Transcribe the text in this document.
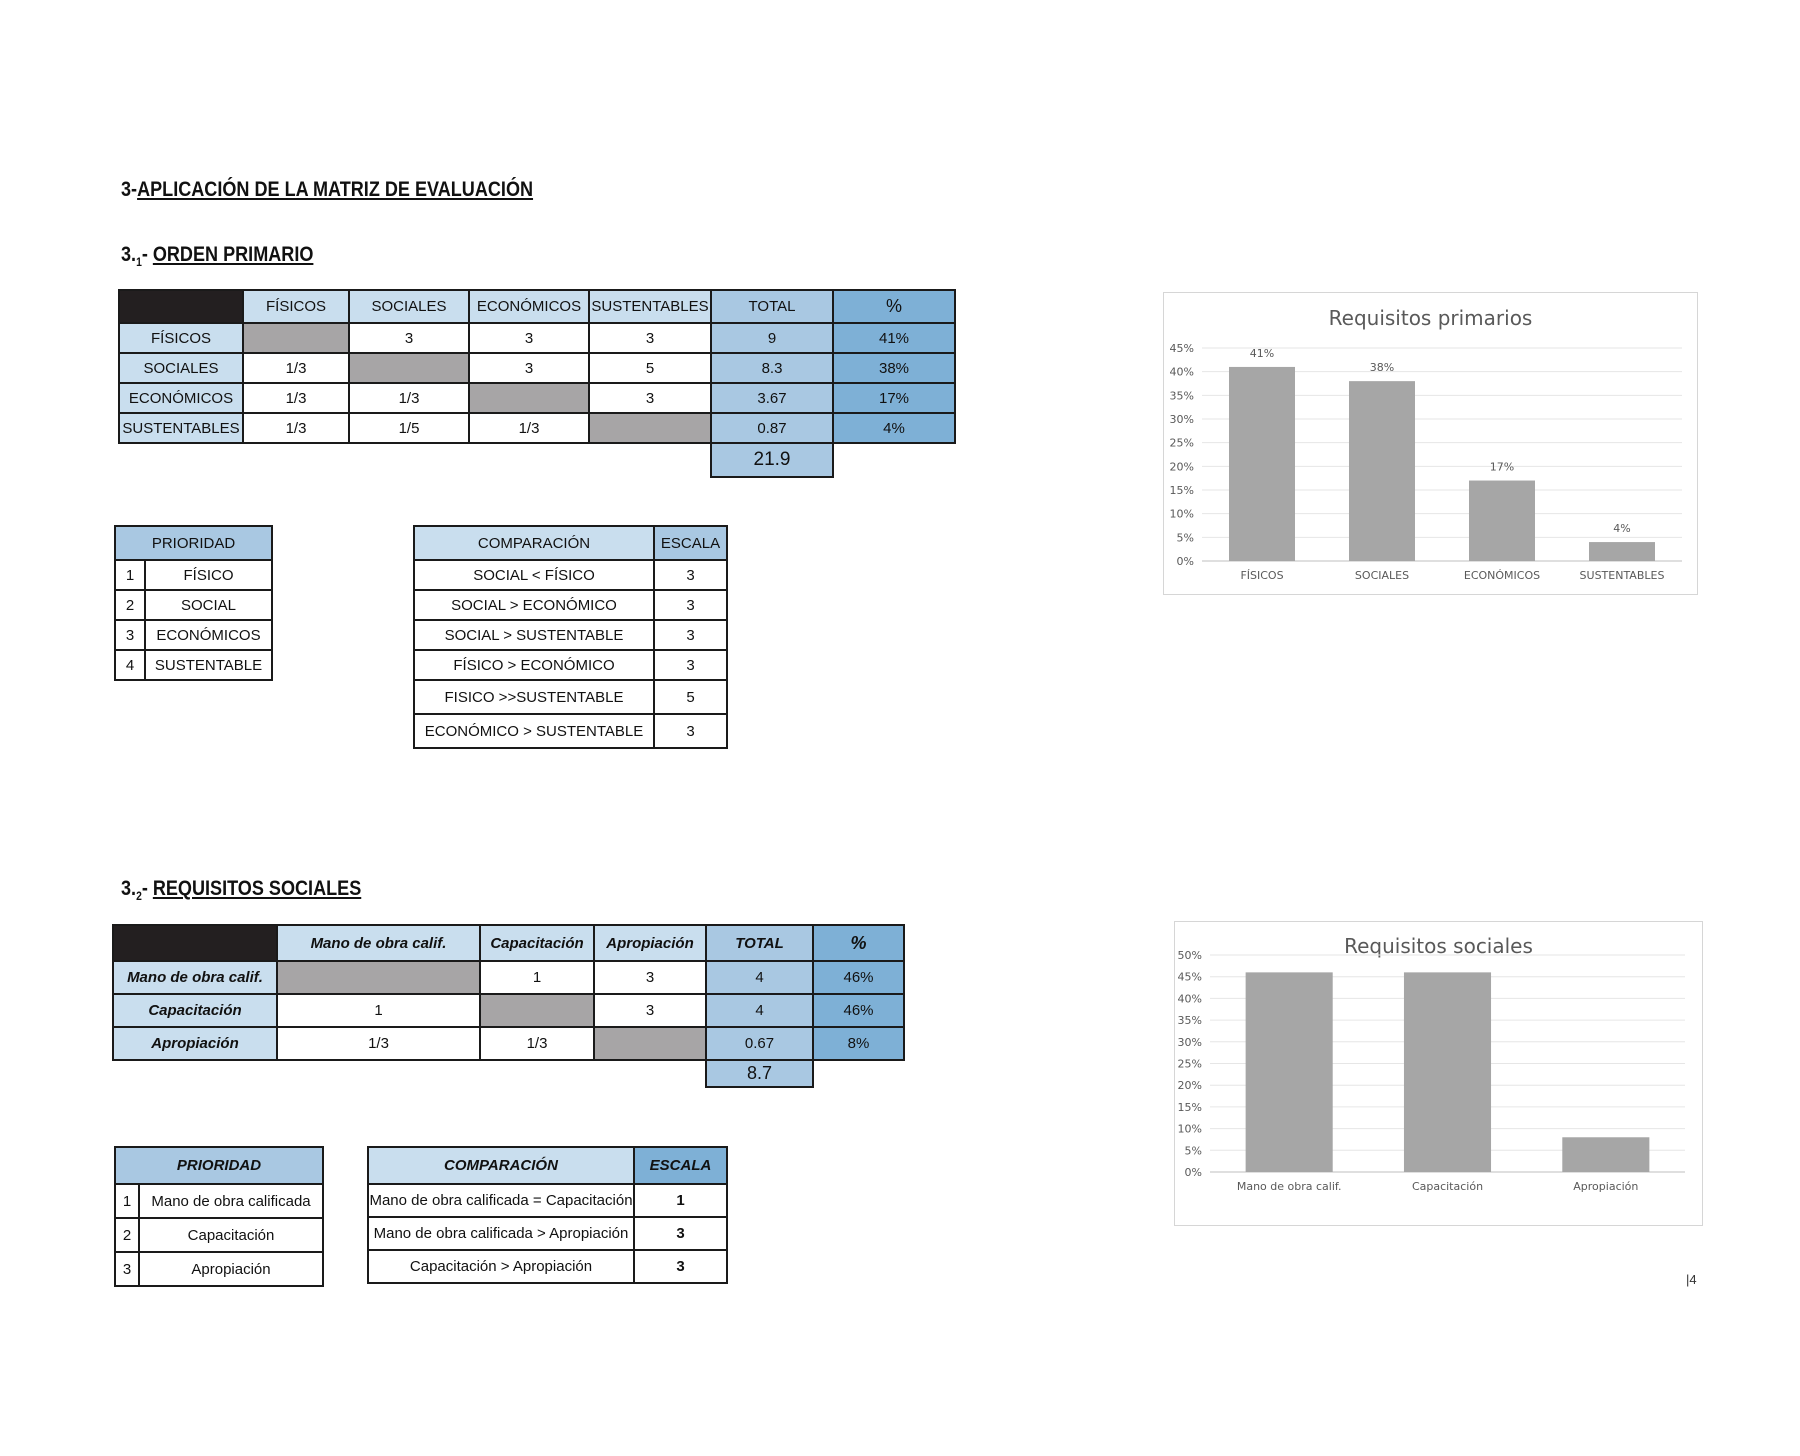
3-APLICACIÓN DE LA MATRIZ DE EVALUACIÓN
$3._1-$ ORDEN PRIMARIO
$3._2-$ REQUISITOS SOCIALES
	FÍSICOS	SOCIALES	ECONÓMICOS	SUSTENTABLES	TOTAL	%
FÍSICOS		3	3	3	9	41%
SOCIALES	1/3		3	5	8.3	38%
ECONÓMICOS	1/3	1/3		3	3.67	17%
SUSTENTABLES	1/3	1/5	1/3		0.87	4%
					21.9	
PRIORIDAD	
1	FÍSICO
2	SOCIAL
3	ECONÓMICOS
4	SUSTENTABLE
COMPARACIÓN	ESCALA
SOCIAL < FÍSICO	3
SOCIAL > ECONÓMICO	3
SOCIAL > SUSTENTABLE	3
FÍSICO > ECONÓMICO	3
FISICO >>SUSTENTABLE	5
ECONÓMICO > SUSTENTABLE	3
	Mano de obra calif.	Capacitación	Apropiación	TOTAL	%
Mano de obra calif.		1	3	4	46%
Capacitación	1		3	4	46%
Apropiación	1/3	1/3		0.67	8%
				8.7	
PRIORIDAD	
1	Mano de obra calificada
2	Capacitación
3	Apropiación
COMPARACIÓN	ESCALA
Mano de obra calificada = Capacitación	1
Mano de obra calificada > Apropiación	3
Capacitación > Apropiación	3
Requisitos primarios
0%
5%
10%
15%
20%
25%
30%
35%
40%
45%
FÍSICOS
41%
SOCIALES
38%
ECONÓMICOS
17%
SUSTENTABLES
4%
Requisitos sociales
0%
5%
10%
15%
20%
25%
30%
35%
40%
45%
50%
Mano de obra calif.	Capacitación	Apropiación
|4
